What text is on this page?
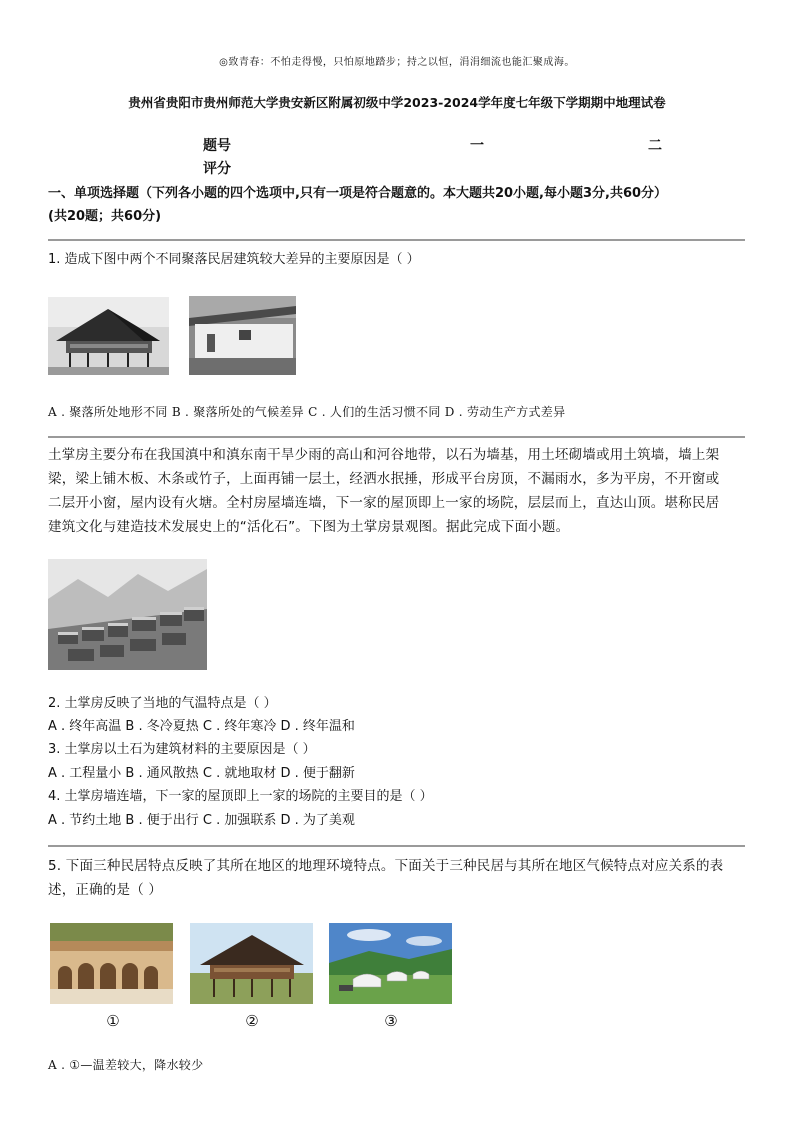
◎致青春：不怕走得慢，只怕原地踏步；持之以恒，涓涓细流也能汇聚成海。
贵州省贵阳市贵州师范大学贵安新区附属初级中学2023-2024学年度七年级下学期期中地理试卷
题号	一	二
评分
一、单项选择题（下列各小题的四个选项中,只有一项是符合题意的。本大题共20小题,每小题3分,共60分）
(共20题；共60分)
1. 造成下图中两个不同聚落民居建筑较大差异的主要原因是（ ）
A . 聚落所处地形不同 B . 聚落所处的气候差异 C . 人们的生活习惯不同 D . 劳动生产方式差异
土掌房主要分布在我国滇中和滇东南干旱少雨的高山和河谷地带，以石为墙基，用土坯砌墙或用土筑墙，墙上架
梁，梁上铺木板、木条或竹子，上面再铺一层土，经洒水抿捶，形成平台房顶，不漏雨水，多为平房，不开窗或
二层开小窗，屋内设有火塘。全村房屋墙连墙，下一家的屋顶即上一家的场院，层层而上，直达山顶。堪称民居
建筑文化与建造技术发展史上的“活化石”。下图为土掌房景观图。据此完成下面小题。
2. 土掌房反映了当地的气温特点是（ ）
A . 终年高温 B . 冬冷夏热 C . 终年寒冷 D . 终年温和
3. 土掌房以土石为建筑材料的主要原因是（ ）
A . 工程量小 B . 通风散热 C . 就地取材 D . 便于翻新
4. 土掌房墙连墙，下一家的屋顶即上一家的场院的主要目的是（ ）
A . 节约土地 B . 便于出行 C . 加强联系 D . 为了美观
5. 下面三种民居特点反映了其所在地区的地理环境特点。下面关于三种民居与其所在地区气候特点对应关系的表
述，正确的是（ ）
①	②	③
A . ①—温差较大，降水较少
